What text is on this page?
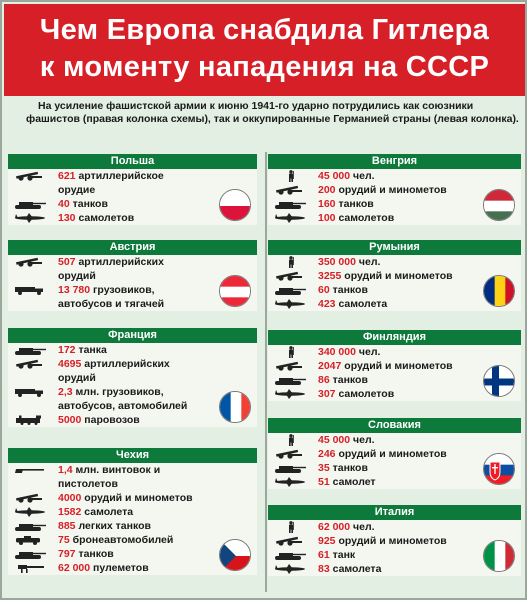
Чем Европа снабдила Гитлера
к моменту нападения на СССР
На усиление фашистской армии к июню 1941-го ударно потрудились как союзники фашистов (правая колонка схемы), так и оккупированные Германией страны (левая колонка).
Польша
621 артиллерийское
орудие
40 танков
130 самолетов
Австрия
507 артиллерийских
орудий
13 780 грузовиков,
автобусов и тягачей
Франция
172 танка
4695 артиллерийских
орудий
2,3 млн. грузовиков,
автобусов, автомобилей
5000 паровозов
Чехия
1,4 млн. винтовок и
пистолетов
4000 орудий и минометов
1582 самолета
885 легких танков
75 бронеавтомобилей
797 танков
62 000 пулеметов
Венгрия
45 000 чел.
200 орудий и минометов
160 танков
100 самолетов
Румыния
350 000 чел.
3255 орудий и минометов
60 танков
423 самолета
Финляндия
340 000 чел.
2047 орудий и минометов
86 танков
307 самолетов
Словакия
45 000 чел.
246 орудий и минометов
35 танков
51 самолет
Италия
62 000 чел.
925 орудий и минометов
61 танк
83 самолета
